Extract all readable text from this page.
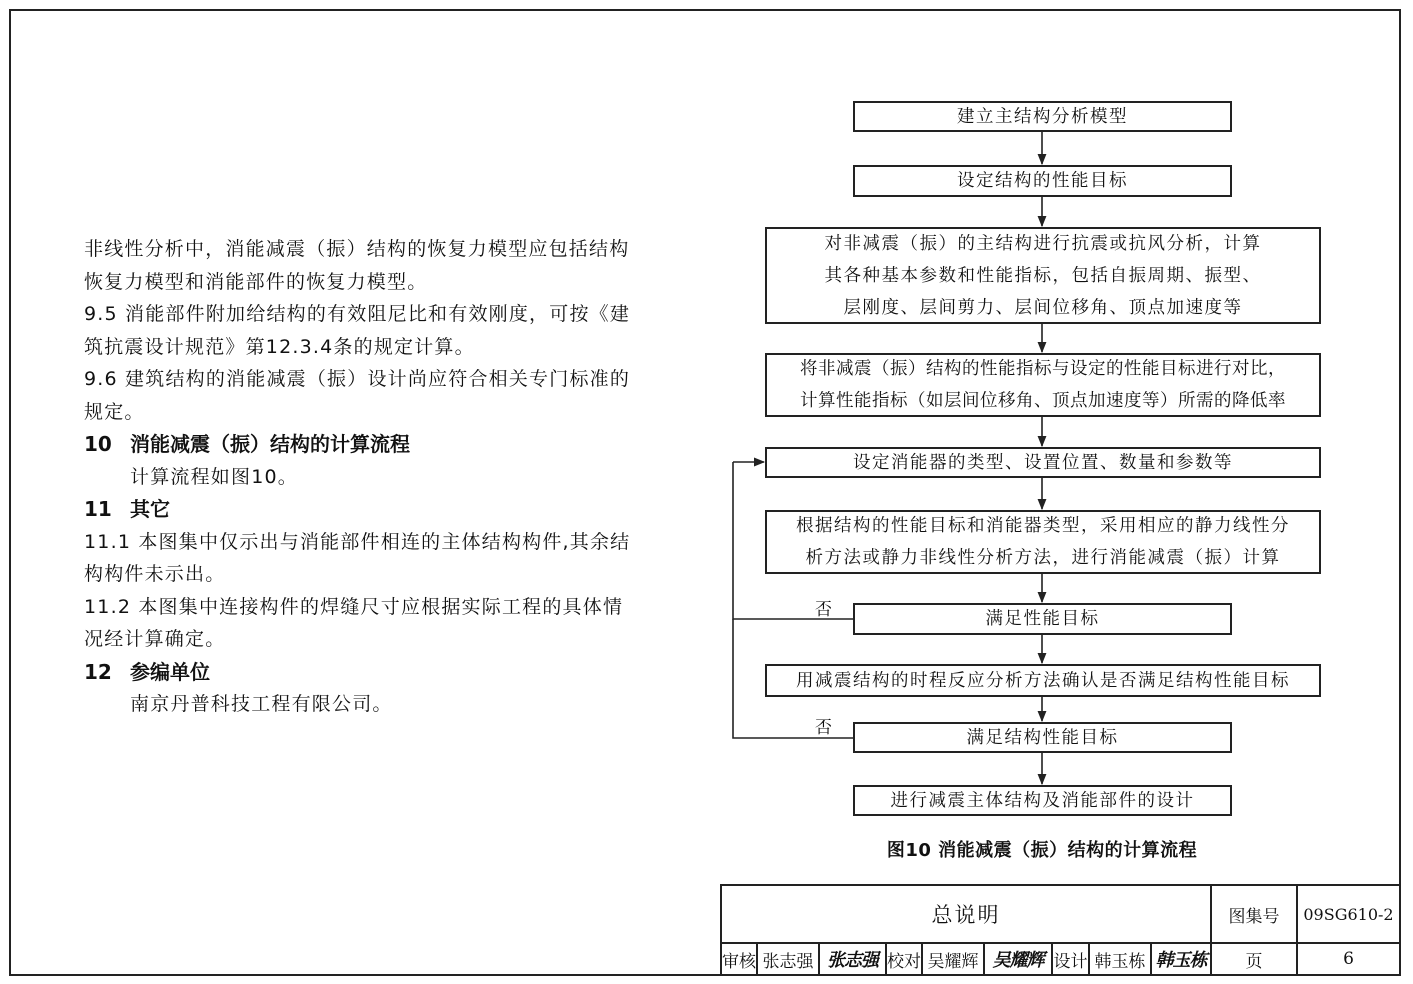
非线性分析中，消能减震（振）结构的恢复力模型应包括结构
恢复力模型和消能部件的恢复力模型。
9.5 消能部件附加给结构的有效阻尼比和有效刚度，可按《建
筑抗震设计规范》第12.3.4条的规定计算。
9.6 建筑结构的消能减震（振）设计尚应符合相关专门标准的
规定。
10 消能减震（振）结构的计算流程
计算流程如图10。
11 其它
11.1 本图集中仅示出与消能部件相连的主体结构构件,其余结
构构件未示出。
11.2 本图集中连接构件的焊缝尺寸应根据实际工程的具体情
况经计算确定。
12 参编单位
南京丹普科技工程有限公司。
建立主结构分析模型
设定结构的性能目标
对非减震（振）的主结构进行抗震或抗风分析，计算
其各种基本参数和性能指标，包括自振周期、振型、
层刚度、层间剪力、层间位移角、顶点加速度等
将非减震（振）结构的性能指标与设定的性能目标进行对比，
计算性能指标（如层间位移角、顶点加速度等）所需的降低率
设定消能器的类型、设置位置、数量和参数等
根据结构的性能目标和消能器类型，采用相应的静力线性分
析方法或静力非线性分析方法，进行消能减震（振）计算
满足性能目标
用减震结构的时程反应分析方法确认是否满足结构性能目标
满足结构性能目标
进行减震主体结构及消能部件的设计
否
否
图10 消能减震（振）结构的计算流程
总说明	图集号	09SG610-2
审核 张志强 张志强 校对 吴耀辉 吴耀辉 设计 韩玉栋 韩玉栋	页	6
